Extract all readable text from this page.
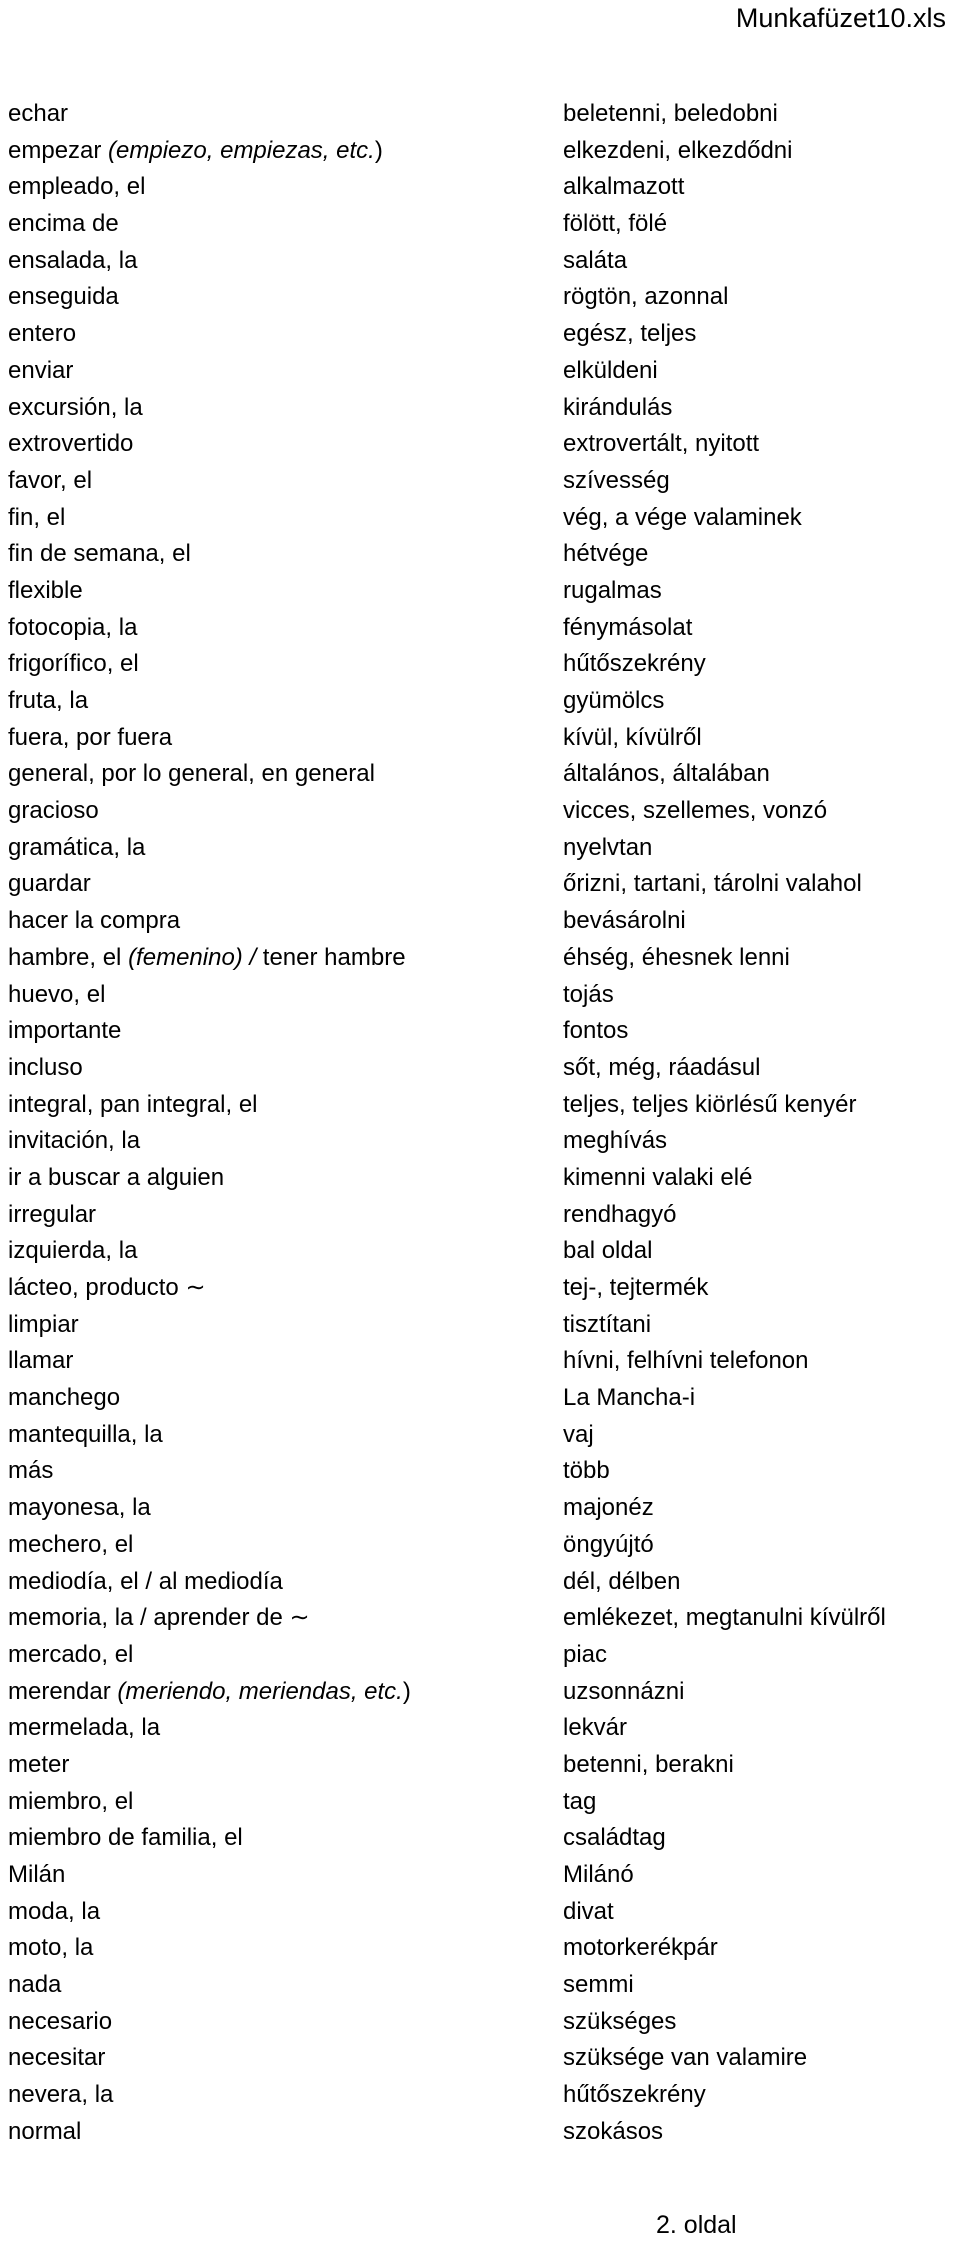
Munkafüzet10.xls
echar	beletenni, beledobni
empezar (empiezo, empiezas, etc.)	elkezdeni, elkezdődni
empleado, el	alkalmazott
encima de	fölött, fölé
ensalada, la	saláta
enseguida	rögtön, azonnal
entero	egész, teljes
enviar	elküldeni
excursión, la	kirándulás
extrovertido	extrovertált, nyitott
favor, el	szívesség
fin, el	vég, a vége valaminek
fin de semana, el	hétvége
flexible	rugalmas
fotocopia, la	fénymásolat
frigorífico, el	hűtőszekrény
fruta, la	gyümölcs
fuera, por fuera	kívül, kívülről
general, por lo general, en general	általános, általában
gracioso	vicces, szellemes, vonzó
gramática, la	nyelvtan
guardar	őrizni, tartani, tárolni valahol
hacer la compra	bevásárolni
hambre, el (femenino) / tener hambre	éhség, éhesnek lenni
huevo, el	tojás
importante	fontos
incluso	sőt, még, ráadásul
integral, pan integral, el	teljes, teljes kiörlésű kenyér
invitación, la	meghívás
ir a buscar a alguien	kimenni valaki elé
irregular	rendhagyó
izquierda, la	bal oldal
lácteo, producto ∼	tej-, tejtermék
limpiar	tisztítani
llamar	hívni, felhívni telefonon
manchego	La Mancha-i
mantequilla, la	vaj
más	több
mayonesa, la	majonéz
mechero, el	öngyújtó
mediodía, el / al mediodía	dél, délben
memoria, la / aprender de ∼	emlékezet, megtanulni kívülről
mercado, el	piac
merendar (meriendo, meriendas, etc.)	uzsonnázni
mermelada, la	lekvár
meter	betenni, berakni
miembro, el	tag
miembro de familia, el	családtag
Milán	Milánó
moda, la	divat
moto, la	motorkerékpár
nada	semmi
necesario	szükséges
necesitar	szüksége van valamire
nevera, la	hűtőszekrény
normal	szokásos
2. oldal
